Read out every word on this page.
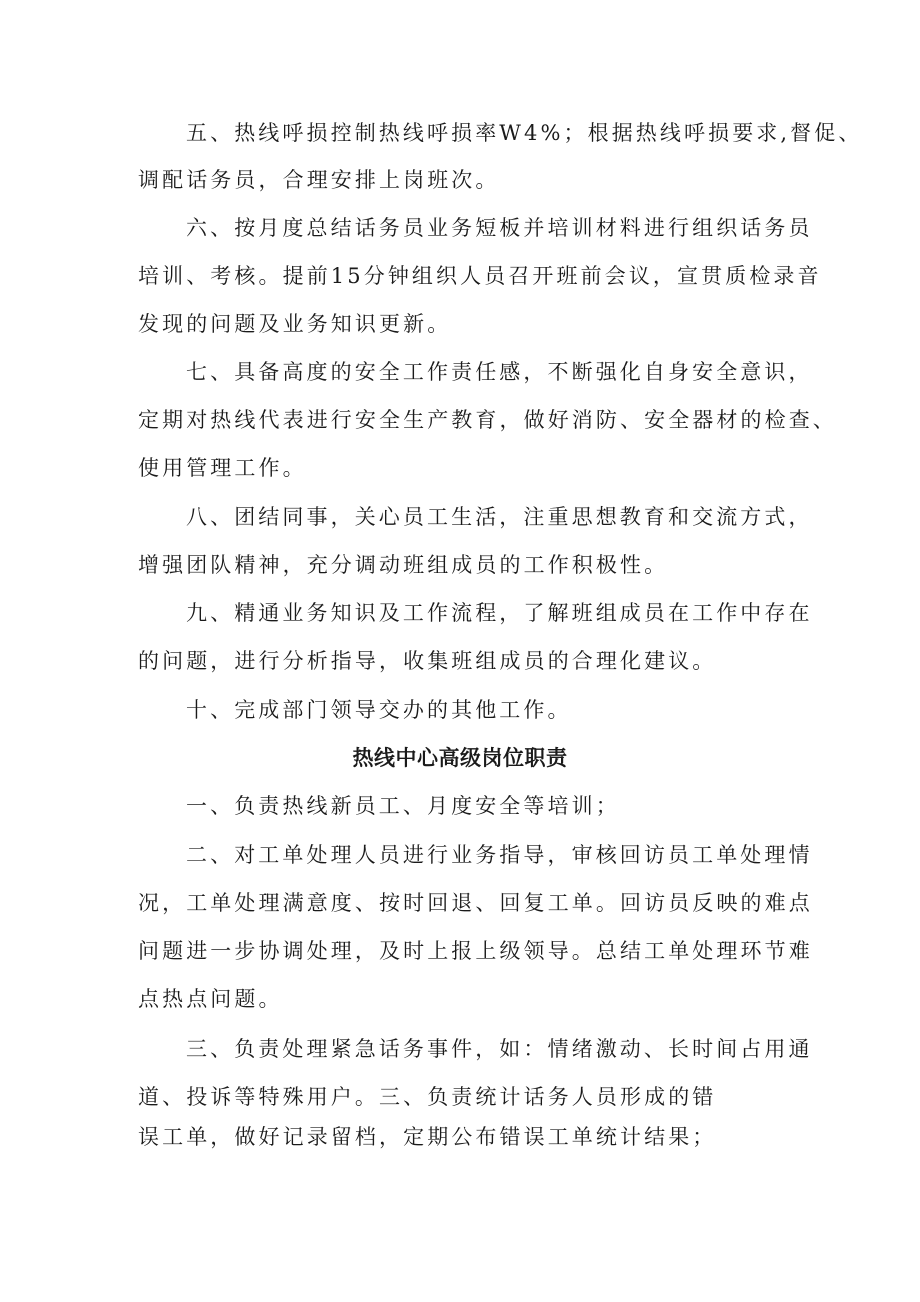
五、热线呼损控制热线呼损率W4%；根据热线呼损要求,督促、
调配话务员，合理安排上岗班次。
六、按月度总结话务员业务短板并培训材料进行组织话务员
培训、考核。提前15分钟组织人员召开班前会议，宣贯质检录音
发现的问题及业务知识更新。
七、具备高度的安全工作责任感，不断强化自身安全意识，
定期对热线代表进行安全生产教育，做好消防、安全器材的检查、
使用管理工作。
八、团结同事，关心员工生活，注重思想教育和交流方式，
增强团队精神，充分调动班组成员的工作积极性。
九、精通业务知识及工作流程，了解班组成员在工作中存在
的问题，进行分析指导，收集班组成员的合理化建议。
十、完成部门领导交办的其他工作。
热线中心高级岗位职责
一、负责热线新员工、月度安全等培训；
二、对工单处理人员进行业务指导，审核回访员工单处理情
况，工单处理满意度、按时回退、回复工单。回访员反映的难点
问题进一步协调处理，及时上报上级领导。总结工单处理环节难
点热点问题。
三、负责处理紧急话务事件，如：情绪激动、长时间占用通
道、投诉等特殊用户。三、负责统计话务人员形成的错
误工单，做好记录留档，定期公布错误工单统计结果；
